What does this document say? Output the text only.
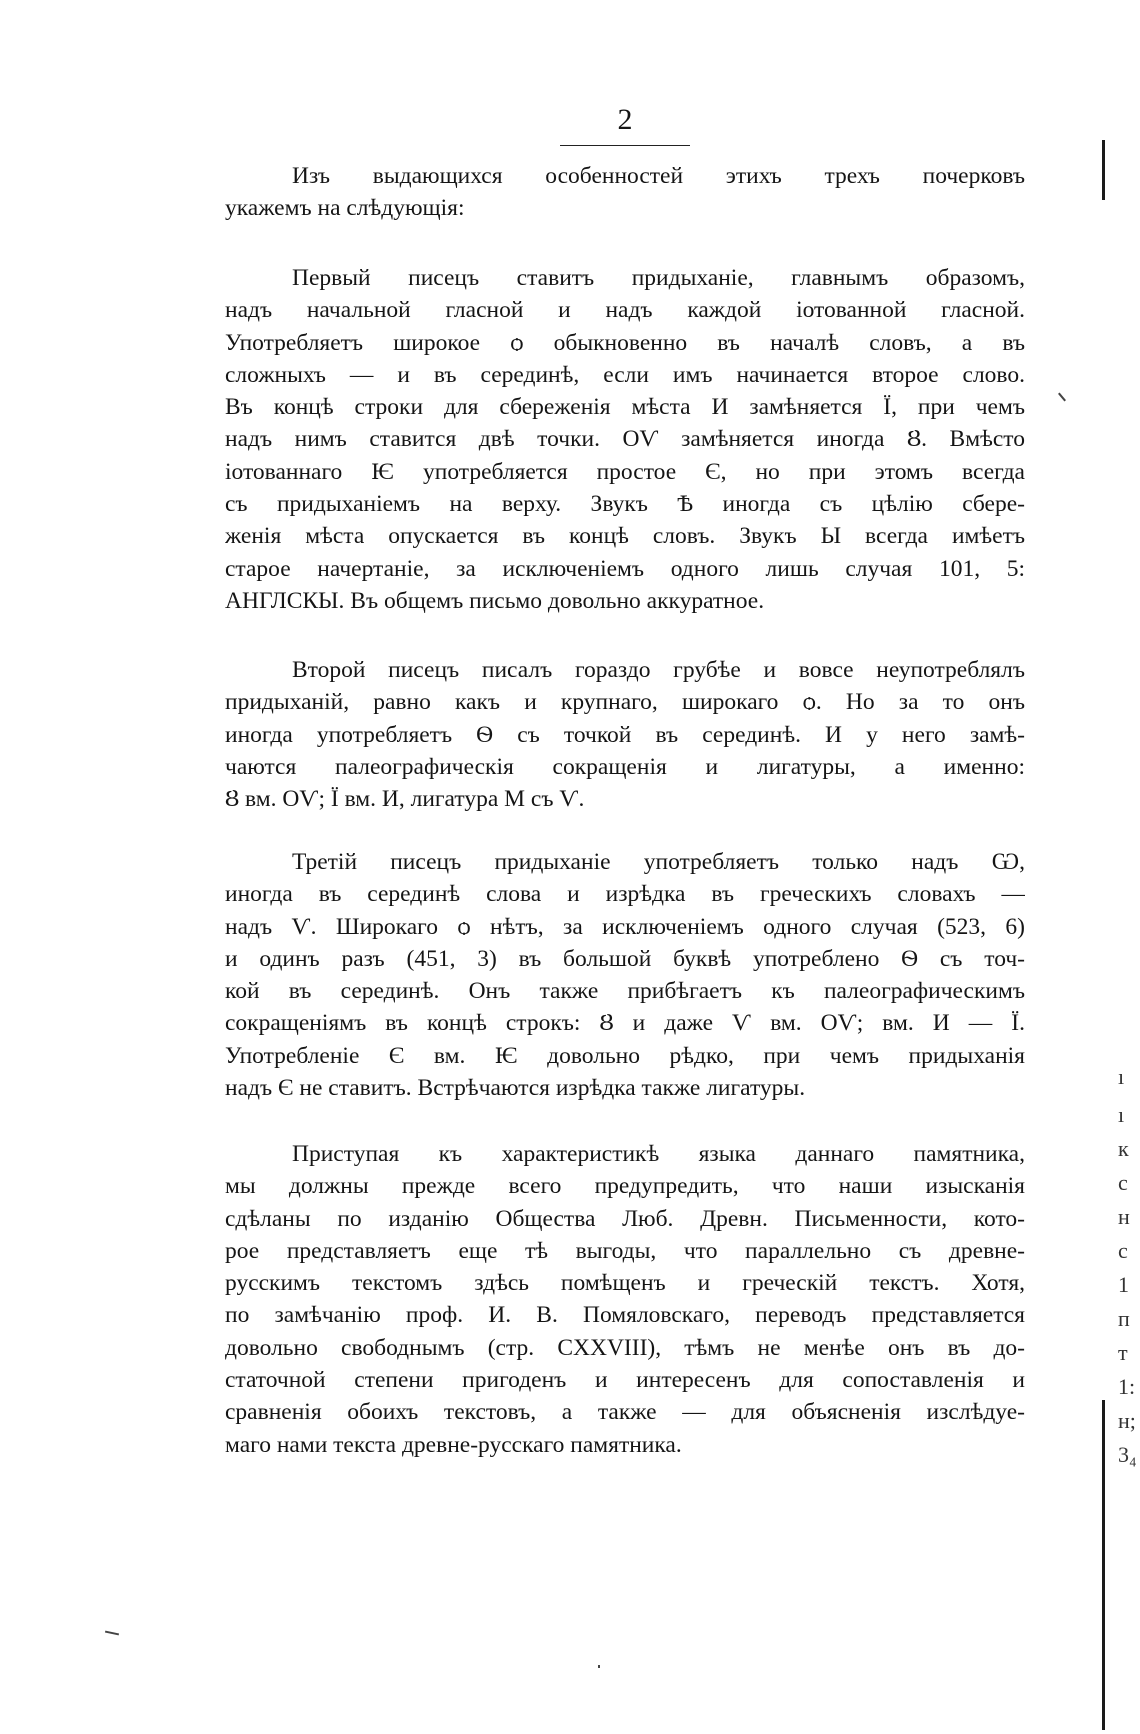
2

Изъ выдающихся особенностей этихъ трехъ почерковъ
укажемъ на слѣдующія:

Первый писецъ ставитъ придыханіе, главнымъ образомъ,
надъ начальной гласной и надъ каждой іотованной гласной.
Употребляетъ широкое ѻ обыкновенно въ началѣ словъ, а въ
сложныхъ — и въ серединѣ, если имъ начинается второе слово.
Въ концѣ строки для сбереженія мѣста И замѣняется Ї, при чемъ
надъ нимъ ставится двѣ точки. ОѴ замѣняется иногда Ȣ. Вмѣсто
іотованнаго Ѥ употребляется простое Є, но при этомъ всегда
съ придыханіемъ на верху. Звукъ Ѣ иногда съ цѣлію сбере-
женія мѣста опускается въ концѣ словъ. Звукъ Ы всегда имѣетъ
старое начертаніе, за исключеніемъ одного лишь случая 101, 5:
АНГЛСКЫ. Въ общемъ письмо довольно аккуратное.

Второй писецъ писалъ гораздо грубѣе и вовсе неупотреблялъ
придыханій, равно какъ и крупнаго, широкаго ѻ. Но за то онъ
иногда употребляетъ Ѳ съ точкой въ серединѣ. И у него замѣ-
чаются палеографическія сокращенія и лигатуры, а именно:
Ȣ вм. ОѴ; Ї вм. И, лигатура М съ Ѵ.

Третій писецъ придыханіе употребляетъ только надъ Ѡ,
иногда въ серединѣ слова и изрѣдка въ греческихъ словахъ —
надъ Ѵ. Широкаго ѻ нѣтъ, за исключеніемъ одного случая (523, 6)
и одинъ разъ (451, 3) въ большой буквѣ употреблено Ѳ съ точ-
кой въ серединѣ. Онъ также прибѣгаетъ къ палеографическимъ
сокращеніямъ въ концѣ строкъ: Ȣ и даже Ѵ вм. ОѴ; вм. И — Ї.
Употребленіе Є вм. Ѥ довольно рѣдко, при чемъ придыханія
надъ Є не ставитъ. Встрѣчаются изрѣдка также лигатуры.

Приступая къ характеристикѣ языка даннаго памятника,
мы должны прежде всего предупредить, что наши изысканія
сдѣланы по изданію Общества Люб. Древн. Письменности, кото-
рое представляетъ еще тѣ выгоды, что параллельно съ древне-
русскимъ текстомъ здѣсь помѣщенъ и греческій текстъ. Хотя,
по замѣчанію проф. И. В. Помяловскаго, переводъ представляется
довольно свободнымъ (стр. CXXVIII), тѣмъ не менѣе онъ въ до-
статочной степени пригоденъ и интересенъ для сопоставленія и
сравненія обоихъ текстовъ, а также — для объясненія изслѣдуе-
маго нами текста древне-русскаго памятника.

ı
ı
к
с
н
с
1
п
т
1:
н;
3₄
